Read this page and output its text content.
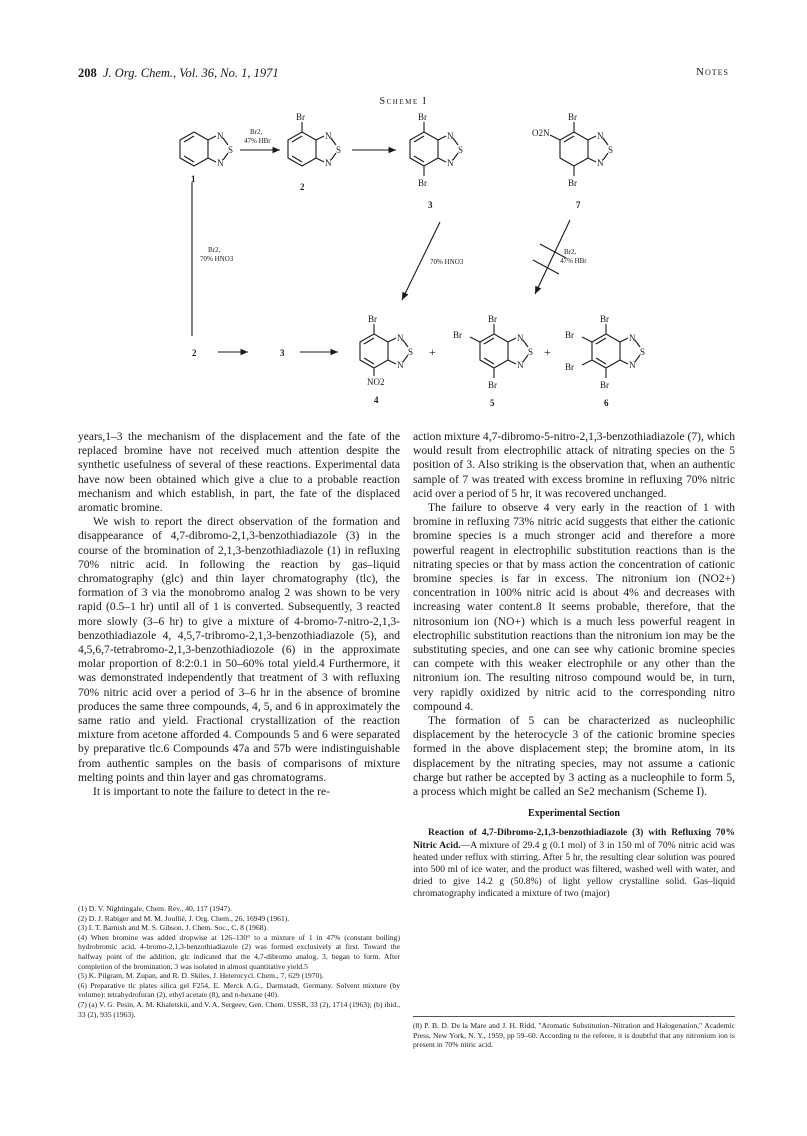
208 J. Org. Chem., Vol. 36, No. 1, 1971	Notes
Scheme I
N
N
S
1
Br2,
47% HBr
Br
N
N
S
2
Br
Br
N
N
S
3
Br
Br
O2N	N
N
S
7
Br2,
70% HNO3	70% HNO3
Br2,
47% HBr
2	3
Br
NO2
N
N
S
4
+
Br
Br
Br	N
N
S
5
+
Br
Br
Br
Br
N
N
S
6

years,1–3 the mechanism of the displacement and the fate of the replaced bromine have not received much attention despite the synthetic usefulness of several of these reactions. Experimental data have now been obtained which give a clue to a probable reaction mechanism and which establish, in part, the fate of the displaced aromatic bromine.

We wish to report the direct observation of the formation and disappearance of 4,7-dibromo-2,1,3-benzothiadiazole (3) in the course of the bromination of 2,1,3-benzothiadiazole (1) in refluxing 70% nitric acid. In following the reaction by gas–liquid chromatography (glc) and thin layer chromatography (tlc), the formation of 3 via the monobromo analog 2 was shown to be very rapid (0.5–1 hr) until all of 1 is converted. Subsequently, 3 reacted more slowly (3–6 hr) to give a mixture of 4-bromo-7-nitro-2,1,3-benzothiadiazole 4, 4,5,7-tribromo-2,1,3-benzothiadiazole (5), and 4,5,6,7-tetrabromo-2,1,3-benzothiadiozole (6) in the approximate molar proportion of 8:2:0.1 in 50–60% total yield.4 Furthermore, it was demonstrated independently that treatment of 3 with refluxing 70% nitric acid over a period of 3–6 hr in the absence of bromine produces the same three compounds, 4, 5, and 6 in approximately the same ratio and yield. Fractional crystallization of the reaction mixture from acetone afforded 4. Compounds 5 and 6 were separated by preparative tlc.6 Compounds 47a and 57b were indistinguishable from authentic samples on the basis of comparisons of mixture melting points and thin layer and gas chromatograms.

It is important to note the failure to detect in the re-

action mixture 4,7-dibromo-5-nitro-2,1,3-benzothiadiazole (7), which would result from electrophilic attack of nitrating species on the 5 position of 3. Also striking is the observation that, when an authentic sample of 7 was treated with excess bromine in refluxing 70% nitric acid over a period of 5 hr, it was recovered unchanged.

The failure to observe 4 very early in the reaction of 1 with bromine in refluxing 73% nitric acid suggests that either the cationic bromine species is a much stronger acid and therefore a more powerful reagent in electrophilic substitution reactions than is the nitrating species or that by mass action the concentration of cationic bromine species is far in excess. The nitronium ion (NO2+) concentration in 100% nitric acid is about 4% and decreases with increasing water content.8 It seems probable, therefore, that the nitrosonium ion (NO+) which is a much less powerful reagent in electrophilic substitution reactions than the nitronium ion may be the substituting species, and one can see why cationic bromine species can compete with this weaker electrophile or any other than the nitronium ion. The resulting nitroso compound would be, in turn, very rapidly oxidized by nitric acid to the corresponding nitro compound 4.

The formation of 5 can be characterized as nucleophilic displacement by the heterocycle 3 of the cationic bromine species formed in the above displacement step; the bromine atom, in its displacement by the nitrating species, may not assume a cationic charge but rather be accepted by 3 acting as a nucleophile to form 5, a process which might be called an Se2 mechanism (Scheme I).

Experimental Section

Reaction of 4,7-Dibromo-2,1,3-benzothiadiazole (3) with Refluxing 70% Nitric Acid.—A mixture of 29.4 g (0.1 mol) of 3 in 150 ml of 70% nitric acid was heated under reflux with stirring. After 5 hr, the resulting clear solution was poured into 500 ml of ice water, and the product was filtered, washed well with water, and dried to give 14.2 g (50.8%) of light yellow crystalline solid. Gas–liquid chromatography indicated a mixture of two (major)

(1) D. V. Nightingale, Chem. Rev., 40, 117 (1947).
(2) D. J. Rabiger and M. M. Joullié, J. Org. Chem., 26, 16949 (1961).
(3) I. T. Barnish and M. S. Gibson, J. Chem. Soc., C, 8 (1968).
(4) When bromine was added dropwise at 126–130° to a mixture of 1 in 47% (constant boiling) hydrobromic acid, 4-bromo-2,1,3-benzothiadiazole (2) was formed exclusively at first. Toward the halfway point of the addition, glc indicated that the 4,7-dibromo analog, 3, began to form. After completion of the bromination, 3 was isolated in almost quantitative yield.5
(5) K. Pilgram, M. Zupan, and R. D. Skiles, J. Heterocycl. Chem., 7, 629 (1970).
(6) Preparative tlc plates silica gel F254, E. Merck A.G., Darmstadt, Germany. Solvent mixture (by volume): tetrahydrofuran (2), ethyl acetate (8), and n-hexane (40).
(7) (a) V. G. Pesin, A. M. Khaletskii, and V. A. Sergeev, Gen. Chem. USSR, 33 (2), 1714 (1963); (b) ibid., 33 (2), 935 (1963).
(8) P. B. D. De la Mare and J. H. Ridd, "Aromatic Substitution–Nitration and Halogenation," Academic Press, New York, N. Y., 1959, pp 59–60. According to the referee, it is doubtful that any nitronium ion is present in 70% nitric acid.
